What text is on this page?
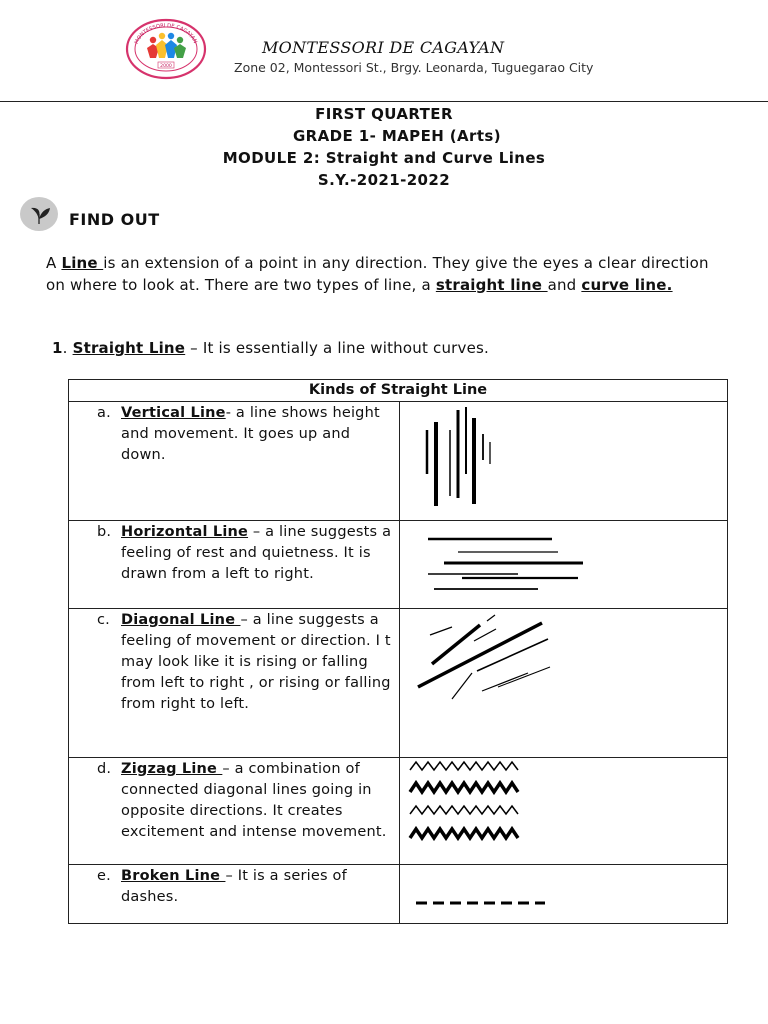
MONTESSORI DE CAGAYAN
2000
MONTESSORI DE CAGAYAN
Zone 02, Montessori St., Brgy. Leonarda, Tuguegarao City
FIRST QUARTER
GRADE 1- MAPEH (Arts)
MODULE 2: Straight and Curve Lines
S.Y.-2021-2022
FIND OUT
A Line is an extension of a point in any direction. They give the eyes a clear direction on where to look at. There are two types of line, a straight line and curve line.
1. Straight Line – It is essentially a line without curves.
Kinds of Straight Line	

a. Vertical Line- a line shows height and movement. It goes up and down.

b. Horizontal Line – a line suggests a feeling of rest and quietness. It is drawn from a left to right.

c. Diagonal Line – a line suggests a feeling of movement or direction. I t may look like it is rising or falling from left to right , or rising or falling from right to left.

d. Zigzag Line – a combination of connected diagonal lines going in opposite directions. It creates excitement and intense movement.

e. Broken Line – It is a series of dashes.
